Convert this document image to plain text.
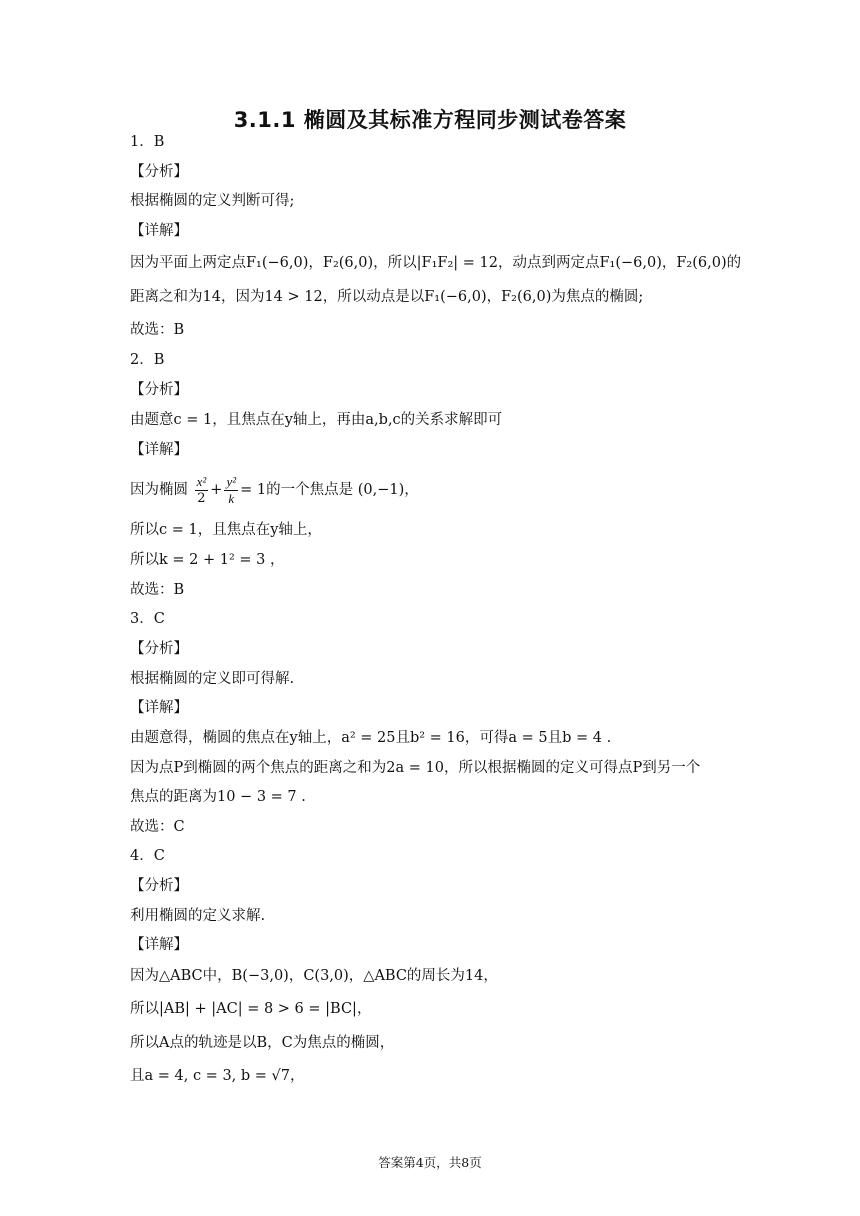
3.1.1 椭圆及其标准方程同步测试卷答案
1．B
【分析】
根据椭圆的定义判断可得;
【详解】
因为平面上两定点F₁(−6,0)，F₂(6,0)，所以|F₁F₂| = 12，动点到两定点F₁(−6,0)，F₂(6,0)的
距离之和为14，因为14 > 12，所以动点是以F₁(−6,0)，F₂(6,0)为焦点的椭圆;
故选：B
2．B
【分析】
由题意c = 1，且焦点在y轴上，再由a,b,c的关系求解即可
【详解】
因为椭圆 $\frac{\text{x²}}{2} + \frac{\text{y²}}{k} = 1$的一个焦点是 (0,−1)，
所以c = 1，且焦点在y轴上，
所以k = 2 + 1² = 3 ，
故选：B
3．C
【分析】
根据椭圆的定义即可得解.
【详解】
由题意得，椭圆的焦点在y轴上，a² = 25且b² = 16，可得a = 5且b = 4 .
因为点P到椭圆的两个焦点的距离之和为2a = 10，所以根据椭圆的定义可得点P到另一个
焦点的距离为10 − 3 = 7 .
故选：C
4．C
【分析】
利用椭圆的定义求解.
【详解】
因为△ABC中，B(−3,0)，C(3,0)，△ABC的周长为14，
所以|AB| + |AC| = 8 > 6 = |BC|，
所以A点的轨迹是以B，C为焦点的椭圆，
且a = 4, c = 3, b = √7，
答案第4页，共8页
